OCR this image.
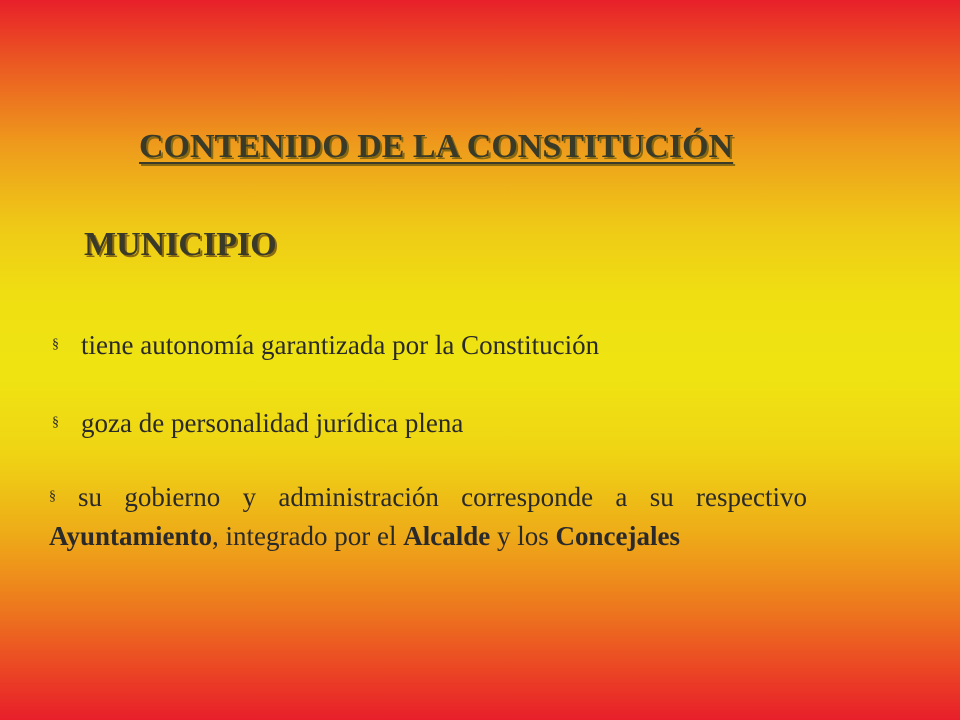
CONTENIDO DE LA CONSTITUCIÓN
MUNICIPIO
§ tiene autonomía garantizada por la Constitución
§ goza de personalidad jurídica plena

§ su gobierno y administración corresponde a su respectivo Ayuntamiento, integrado por el Alcalde y los Concejales
